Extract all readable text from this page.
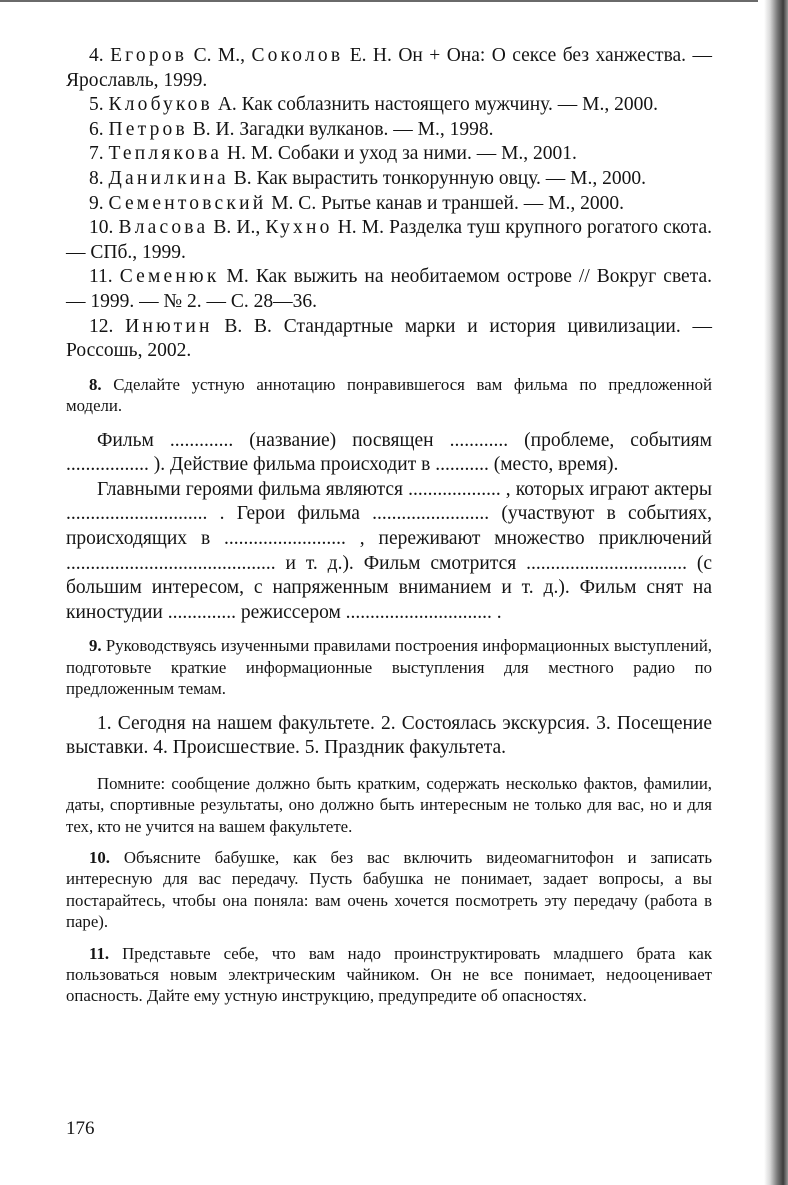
4. Егоров С. М., Соколов Е. Н. Он + Она: О сексе без ханжества. — Ярославль, 1999.

5. Клобуков А. Как соблазнить настоящего мужчину. — М., 2000.

6. Петров В. И. Загадки вулканов. — М., 1998.

7. Теплякова Н. М. Собаки и уход за ними. — М., 2001.

8. Данилкина В. Как вырастить тонкорунную овцу. — М., 2000.

9. Сементовский М. С. Рытье канав и траншей. — М., 2000.

10. Власова В. И., Кухно Н. М. Разделка туш крупного рогатого скота. — СПб., 1999.

11. Семенюк М. Как выжить на необитаемом острове // Вокруг света. — 1999. — № 2. — С. 28—36.

12. Инютин В. В. Стандартные марки и история цивилизации. — Россошь, 2002.

8. Сделайте устную аннотацию понравившегося вам фильма по предложенной модели.

Фильм ............. (название) посвящен ............ (проблеме, событиям ................. ). Действие фильма происходит в ........... (место, время).

Главными героями фильма являются ................... , которых играют актеры ............................. . Герои фильма ........................ (участвуют в событиях, происходящих в ......................... , переживают множество приключений ........................................... и т. д.). Фильм смотрится ................................. (с большим интересом, с напряженным вниманием и т. д.). Фильм снят на киностудии .............. режиссером .............................. .

9. Руководствуясь изученными правилами построения информационных выступлений, подготовьте краткие информационные выступления для местного радио по предложенным темам.

1. Сегодня на нашем факультете. 2. Состоялась экскурсия. 3. Посещение выставки. 4. Происшествие. 5. Праздник факультета.

Помните: сообщение должно быть кратким, содержать несколько фактов, фамилии, даты, спортивные результаты, оно должно быть интересным не только для вас, но и для тех, кто не учится на вашем факультете.

10. Объясните бабушке, как без вас включить видеомагнитофон и записать интересную для вас передачу. Пусть бабушка не понимает, задает вопросы, а вы постарайтесь, чтобы она поняла: вам очень хочется посмотреть эту передачу (работа в паре).

11. Представьте себе, что вам надо проинструктировать младшего брата как пользоваться новым электрическим чайником. Он не все понимает, недооценивает опасность. Дайте ему устную инструкцию, предупредите об опасностях.

176
